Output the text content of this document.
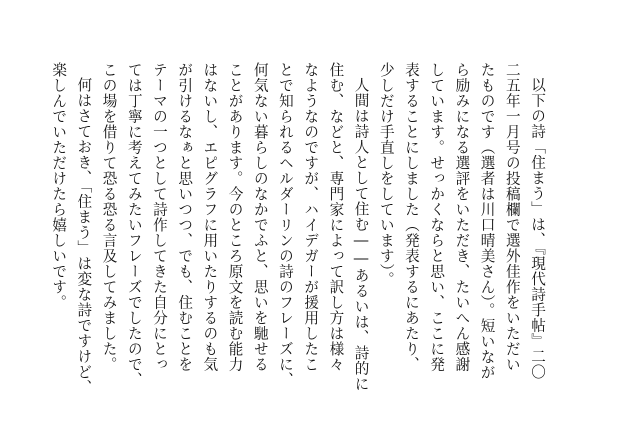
以下の詩「住まう」は、『現代詩手帖』二〇
二五年一月号の投稿欄で選外佳作をいただい
たものです（選者は川口晴美さん）。短いなが
ら励みになる選評をいただき、たいへん感謝
しています。せっかくならと思い、ここに発
表することにしました（発表するにあたり、
少しだけ手直しをしています）。
人間は詩人として住む――あるいは、詩的に
住む、などと、専門家によって訳し方は様々
なようなのですが、ハイデガーが援用したこ
とで知られるヘルダーリンの詩のフレーズに、
何気ない暮らしのなかでふと、思いを馳せる
ことがあります。今のところ原文を読む能力
はないし、エピグラフに用いたりするのも気
が引けるなぁと思いつつ、でも、住むことを
テーマの一つとして詩作してきた自分にとっ
ては丁寧に考えてみたいフレーズでしたので、
この場を借りて恐る恐る言及してみました。
何はさておき、「住まう」は変な詩ですけど、
楽しんでいただけたら嬉しいです。
